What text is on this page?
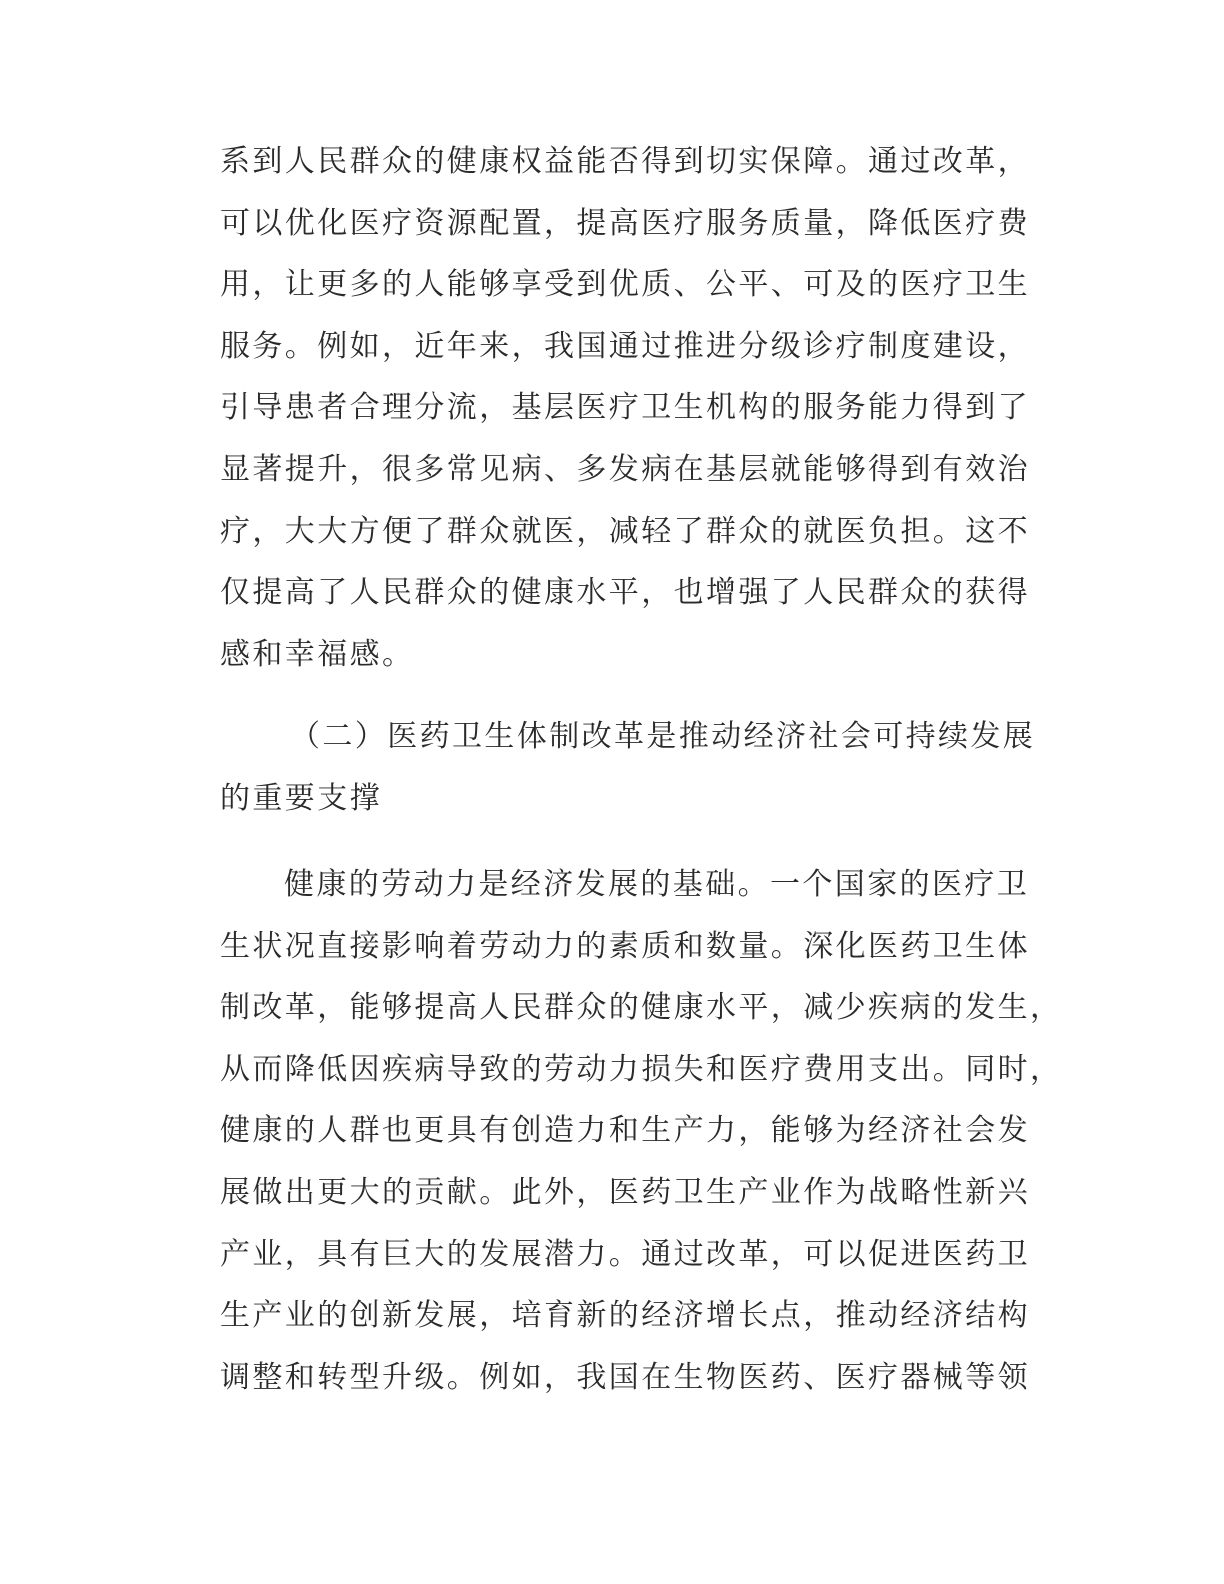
系到人民群众的健康权益能否得到切实保障。通过改革，
可以优化医疗资源配置，提高医疗服务质量，降低医疗费
用，让更多的人能够享受到优质、公平、可及的医疗卫生
服务。例如，近年来，我国通过推进分级诊疗制度建设，
引导患者合理分流，基层医疗卫生机构的服务能力得到了
显著提升，很多常见病、多发病在基层就能够得到有效治
疗，大大方便了群众就医，减轻了群众的就医负担。这不
仅提高了人民群众的健康水平，也增强了人民群众的获得
感和幸福感。
（二）医药卫生体制改革是推动经济社会可持续发展
的重要支撑
健康的劳动力是经济发展的基础。一个国家的医疗卫
生状况直接影响着劳动力的素质和数量。深化医药卫生体
制改革，能够提高人民群众的健康水平，减少疾病的发生，
从而降低因疾病导致的劳动力损失和医疗费用支出。同时，
健康的人群也更具有创造力和生产力，能够为经济社会发
展做出更大的贡献。此外，医药卫生产业作为战略性新兴
产业，具有巨大的发展潜力。通过改革，可以促进医药卫
生产业的创新发展，培育新的经济增长点，推动经济结构
调整和转型升级。例如，我国在生物医药、医疗器械等领
